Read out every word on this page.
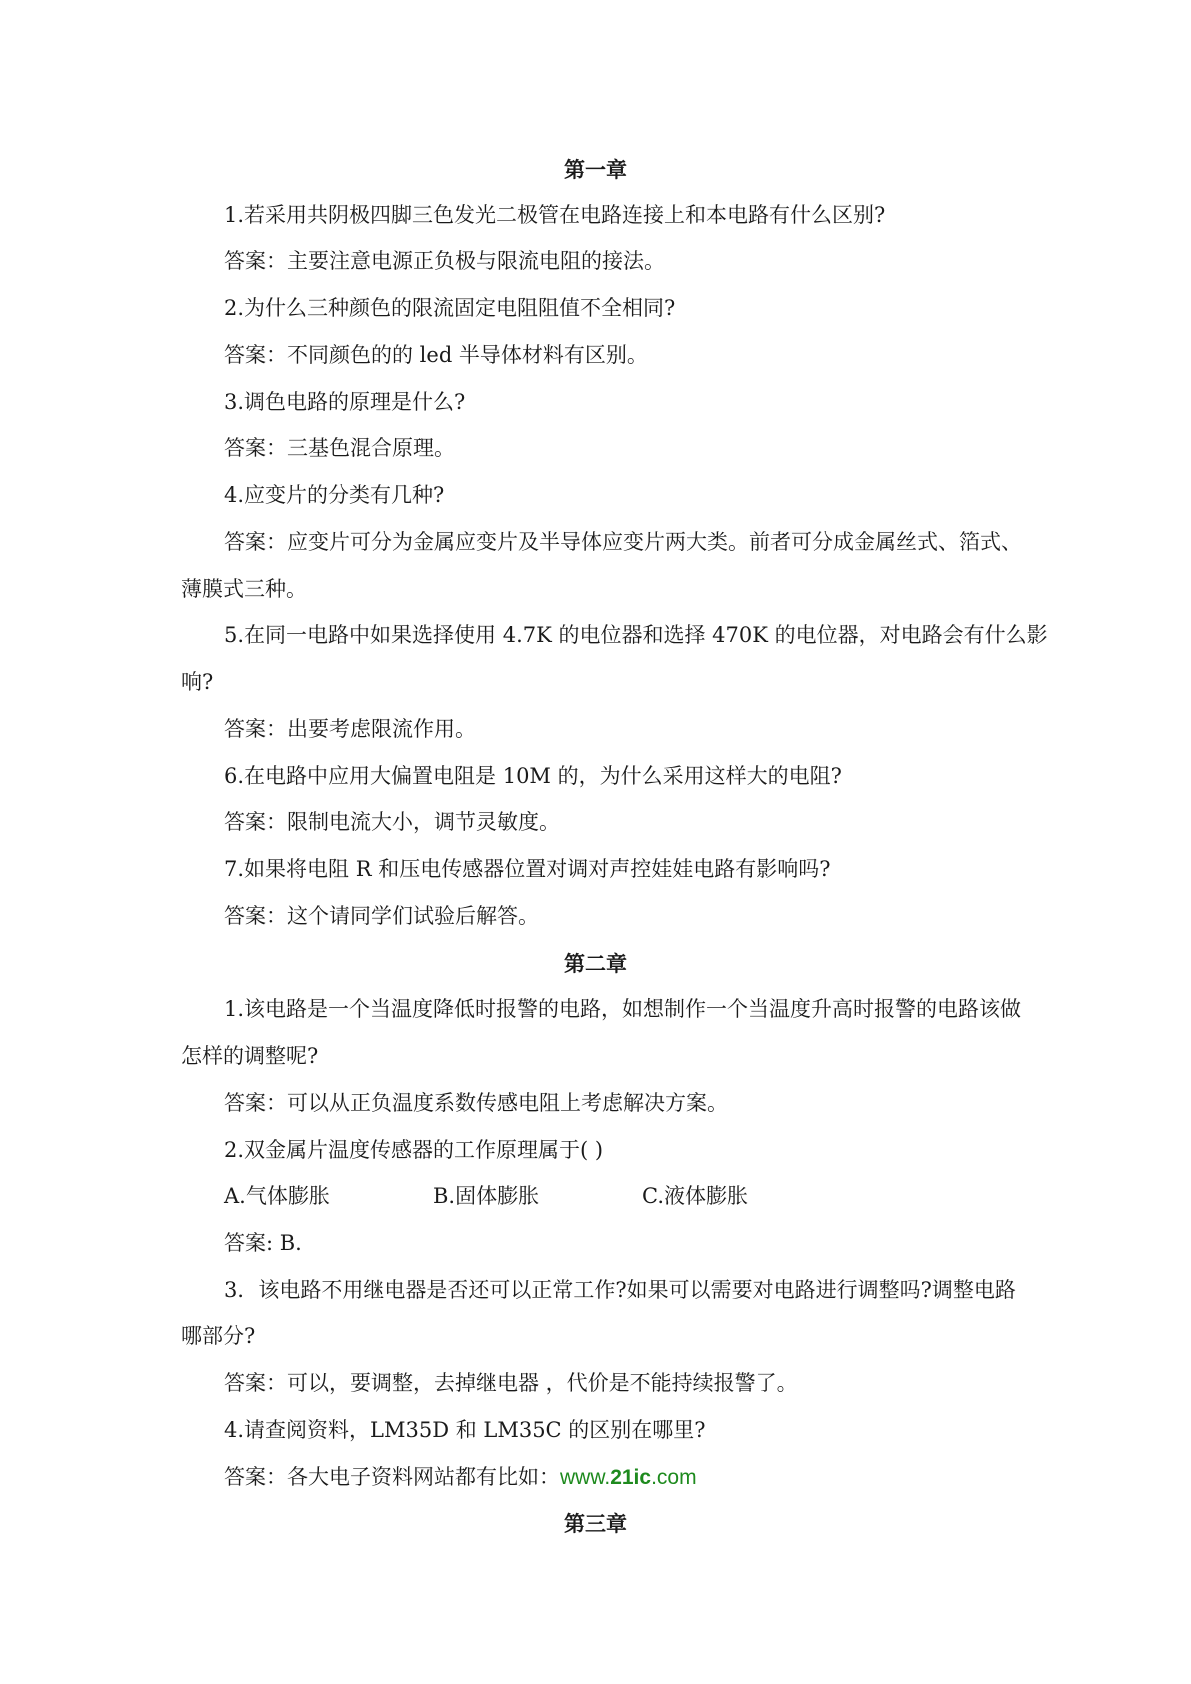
第一章
1.若采用共阴极四脚三色发光二极管在电路连接上和本电路有什么区别?
答案：主要注意电源正负极与限流电阻的接法。
2.为什么三种颜色的限流固定电阻阻值不全相同?
答案：不同颜色的的 led 半导体材料有区别。
3.调色电路的原理是什么?
答案：三基色混合原理。
4.应变片的分类有几种?
答案：应变片可分为金属应变片及半导体应变片两大类。前者可分成金属丝式、箔式、
薄膜式三种。
5.在同一电路中如果选择使用 4.7K 的电位器和选择 470K 的电位器，对电路会有什么影
响?
答案：出要考虑限流作用。
6.在电路中应用大偏置电阻是 10M 的，为什么采用这样大的电阻?
答案：限制电流大小，调节灵敏度。
7.如果将电阻 R 和压电传感器位置对调对声控娃娃电路有影响吗?
答案：这个请同学们试验后解答。
第二章
1.该电路是一个当温度降低时报警的电路，如想制作一个当温度升高时报警的电路该做
怎样的调整呢?
答案：可以从正负温度系数传感电阻上考虑解决方案。
2.双金属片温度传感器的工作原理属于( )
A.气体膨胀	B.固体膨胀	C.液体膨胀
答案: B.
3．该电路不用继电器是否还可以正常工作?如果可以需要对电路进行调整吗?调整电路
哪部分?
答案：可以，要调整，去掉继电器 ，代价是不能持续报警了。
4.请查阅资料，LM35D 和 LM35C 的区别在哪里?
答案：各大电子资料网站都有比如：www.21ic.com
第三章
